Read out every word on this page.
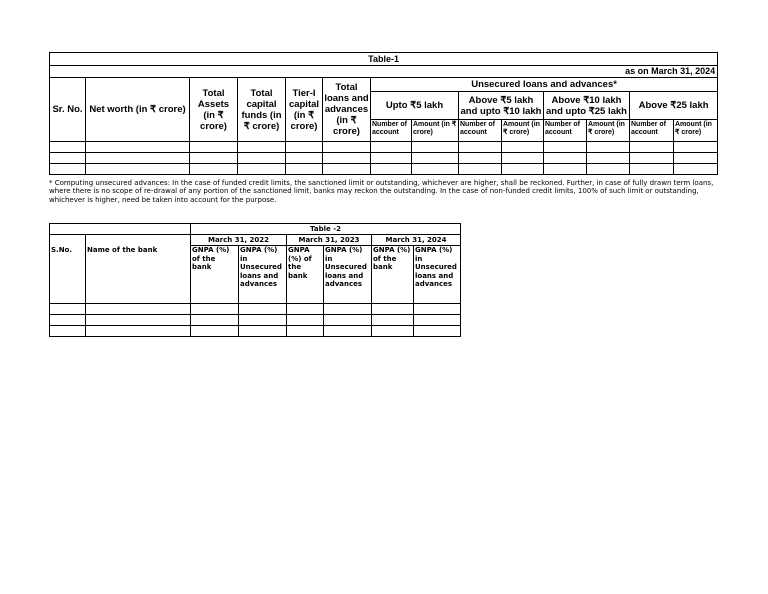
Table-1													
as on March 31, 2024													
Sr. No.	Net worth (in ₹ crore)	Total Assets (in ₹ crore)	Total capital funds (in ₹ crore)	Tier-I capital (in ₹ crore)	Total loans and advances (in ₹ crore)	Unsecured loans and advances*							
						Upto ₹5 lakh		Above ₹5 lakh and upto ₹10 lakh		Above ₹10 lakh and upto ₹25 lakh		Above ₹25 lakh	
						Number of account	Amount (in ₹ crore)	Number of account	Amount (in ₹ crore)	Number of account	Amount (in ₹ crore)	Number of account	Amount (in ₹ crore)

* Computing unsecured advances: In the case of funded credit limits, the sanctioned limit or outstanding, whichever are higher, shall be reckoned. Further, in case of fully drawn term loans, where there is no scope of re-drawal of any portion of the sanctioned limit, banks may reckon the outstanding. In the case of non-funded credit limits, 100% of such limit or outstanding, whichever is higher, need be taken into account for the purpose.

		Table -2					
		March 31, 2022		March 31, 2023		March 31, 2024	
S.No.	Name of the bank	GNPA (%) of the bank	GNPA (%) in Unsecured loans and advances	GNPA (%) of the bank	GNPA (%) in Unsecured loans and advances	GNPA (%) of the bank	GNPA (%) in Unsecured loans and advances
